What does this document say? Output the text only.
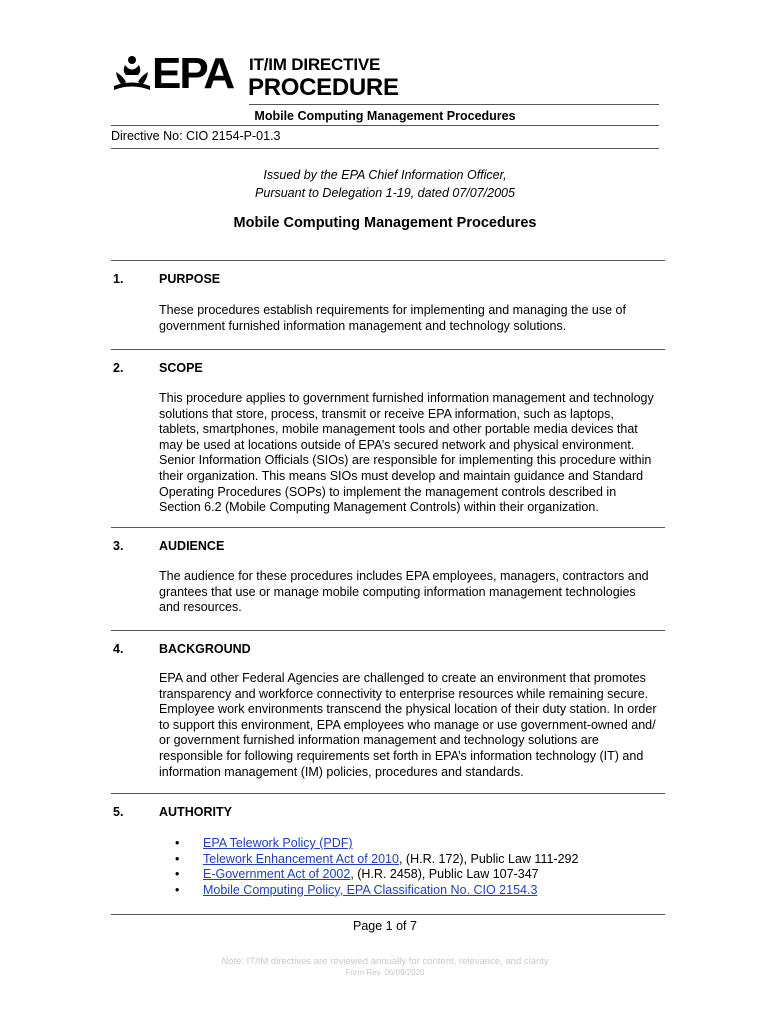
EPA IT/IM DIRECTIVE
PROCEDURE
Mobile Computing Management Procedures
Directive No: CIO 2154-P-01.3
Issued by the EPA Chief Information Officer,
Pursuant to Delegation 1-19, dated 07/07/2005
Mobile Computing Management Procedures
1.	PURPOSE
These procedures establish requirements for implementing and managing the use of
government furnished information management and technology solutions.
2.	SCOPE
This procedure applies to government furnished information management and technology
solutions that store, process, transmit or receive EPA information, such as laptops,
tablets, smartphones, mobile management tools and other portable media devices that
may be used at locations outside of EPA’s secured network and physical environment.
Senior Information Officials (SIOs) are responsible for implementing this procedure within
their organization. This means SIOs must develop and maintain guidance and Standard
Operating Procedures (SOPs) to implement the management controls described in
Section 6.2 (Mobile Computing Management Controls) within their organization.
3.	AUDIENCE
The audience for these procedures includes EPA employees, managers, contractors and
grantees that use or manage mobile computing information management technologies
and resources.
4.	BACKGROUND
EPA and other Federal Agencies are challenged to create an environment that promotes
transparency and workforce connectivity to enterprise resources while remaining secure.
Employee work environments transcend the physical location of their duty station. In order
to support this environment, EPA employees who manage or use government-owned and/
or government furnished information management and technology solutions are
responsible for following requirements set forth in EPA’s information technology (IT) and
information management (IM) policies, procedures and standards.
5.	AUTHORITY
• EPA Telework Policy (PDF)
• Telework Enhancement Act of 2010, (H.R. 172), Public Law 111-292
• E-Government Act of 2002, (H.R. 2458), Public Law 107-347
• Mobile Computing Policy, EPA Classification No. CIO 2154.3
Page 1 of 7
Note: IT/IM directives are reviewed annually for content, relevance, and clarity
Form Rev. 06/09/2020
